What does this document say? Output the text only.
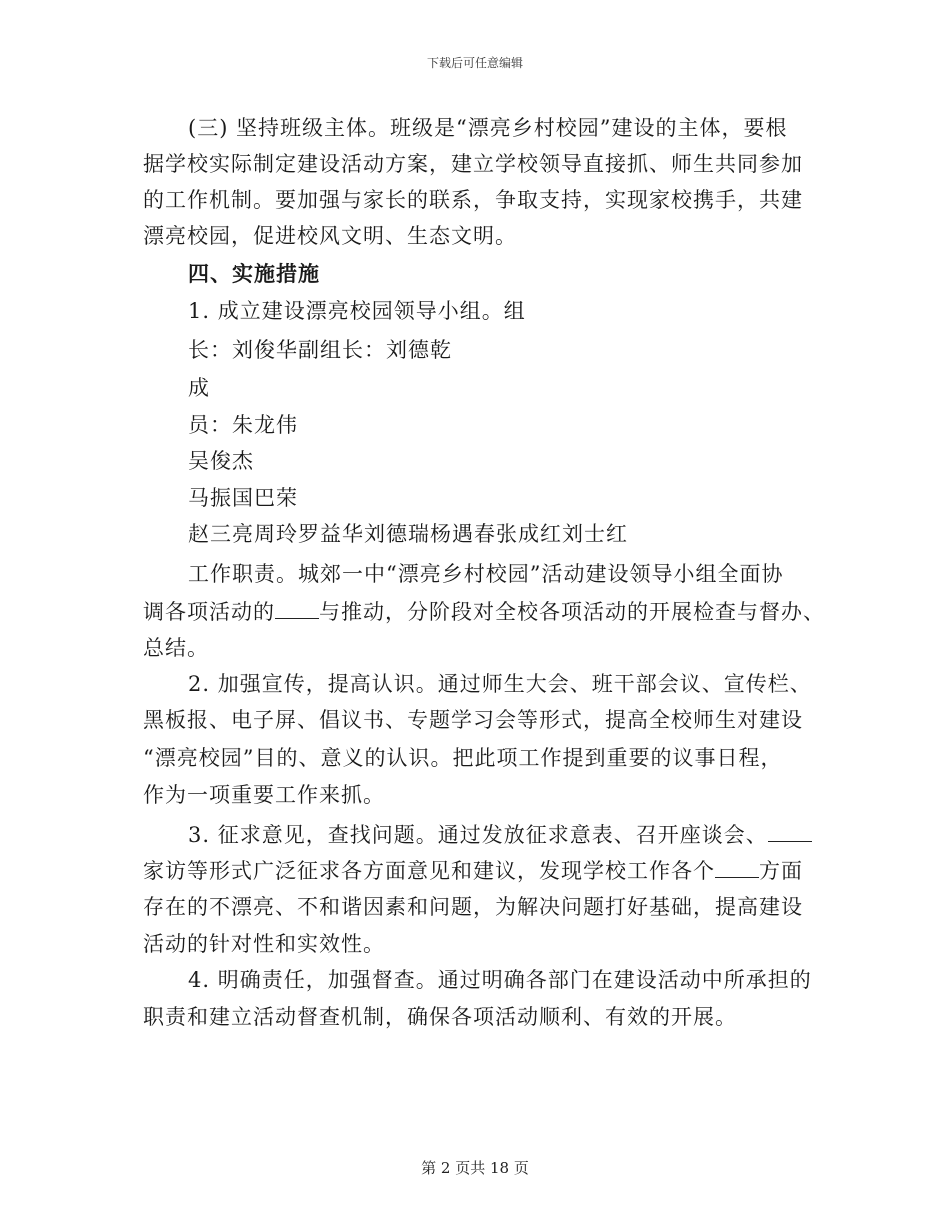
下载后可任意编辑
(三) 坚持班级主体。班级是“漂亮乡村校园”建设的主体，要根
据学校实际制定建设活动方案，建立学校领导直接抓、师生共同参加
的工作机制。要加强与家长的联系，争取支持，实现家校携手，共建
漂亮校园，促进校风文明、生态文明。
四、实施措施
1. 成立建设漂亮校园领导小组。组
长：刘俊华副组长：刘德乾
成
员：朱龙伟
吴俊杰
马振国巴荣
赵三亮周玲罗益华刘德瑞杨遇春张成红刘士红
工作职责。城郊一中“漂亮乡村校园”活动建设领导小组全面协
调各项活动的 与推动，分阶段对全校各项活动的开展检查与督办、
总结。
2. 加强宣传，提高认识。通过师生大会、班干部会议、宣传栏、
黑板报、电子屏、倡议书、专题学习会等形式，提高全校师生对建设
“漂亮校园”目的、意义的认识。把此项工作提到重要的议事日程，
作为一项重要工作来抓。
3. 征求意见，查找问题。通过发放征求意表、召开座谈会、
家访等形式广泛征求各方面意见和建议，发现学校工作各个 方面
存在的不漂亮、不和谐因素和问题，为解决问题打好基础，提高建设
活动的针对性和实效性。
4. 明确责任，加强督查。通过明确各部门在建设活动中所承担的
职责和建立活动督查机制，确保各项活动顺利、有效的开展。
第 2 页共 18 页
